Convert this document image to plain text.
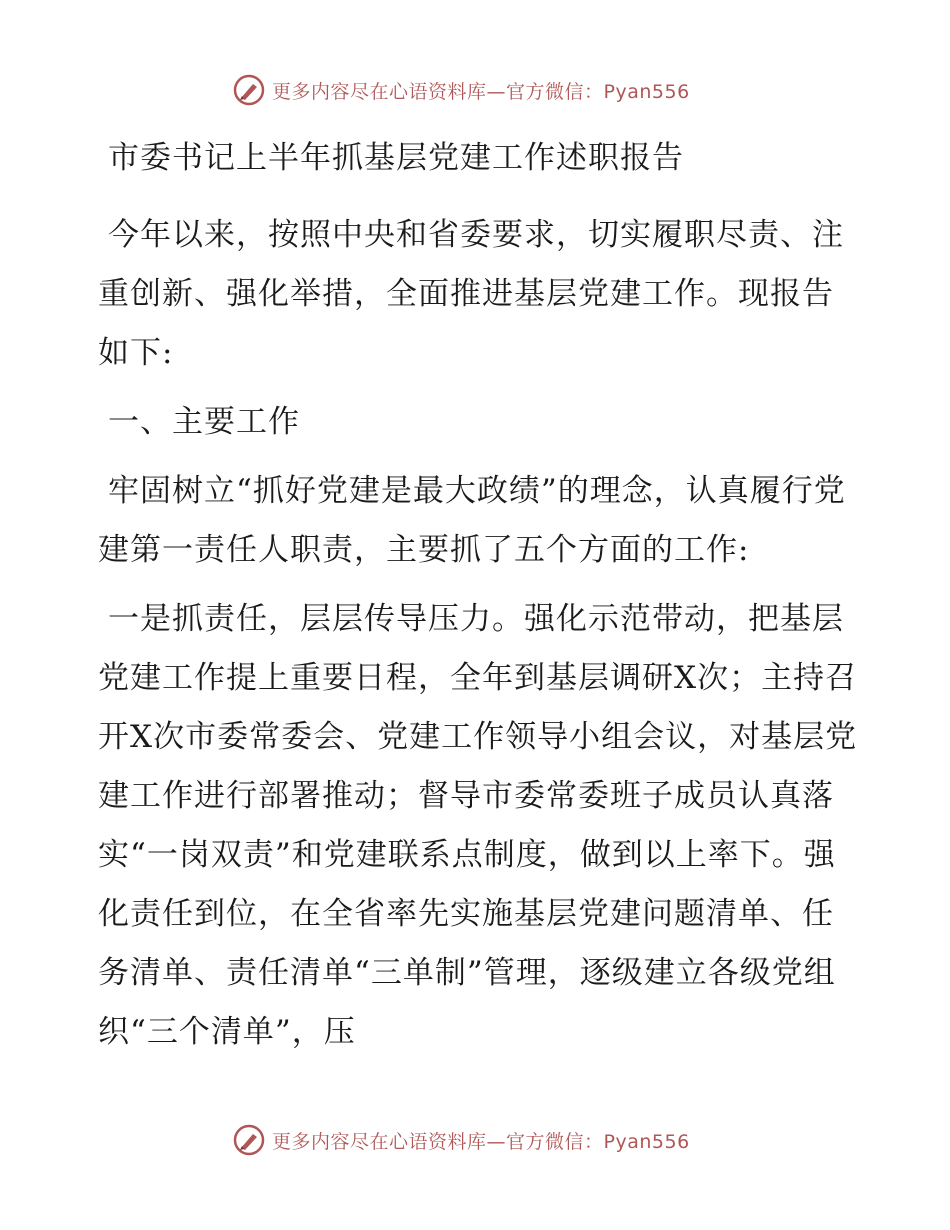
更多内容尽在心语资料库—官方微信：Pyan556
市委书记上半年抓基层党建工作述职报告

今年以来，按照中央和省委要求，切实履职尽责、注重创新、强化举措，全面推进基层党建工作。现报告如下:

一、主要工作

牢固树立“抓好党建是最大政绩”的理念，认真履行党建第一责任人职责，主要抓了五个方面的工作:

一是抓责任，层层传导压力。强化示范带动，把基层党建工作提上重要日程，全年到基层调研X次；主持召开X次市委常委会、党建工作领导小组会议，对基层党建工作进行部署推动；督导市委常委班子成员认真落实“一岗双责”和党建联系点制度，做到以上率下。强化责任到位，在全省率先实施基层党建问题清单、任务清单、责任清单“三单制”管理，逐级建立各级党组织“三个清单”，压

更多内容尽在心语资料库—官方微信：Pyan556
